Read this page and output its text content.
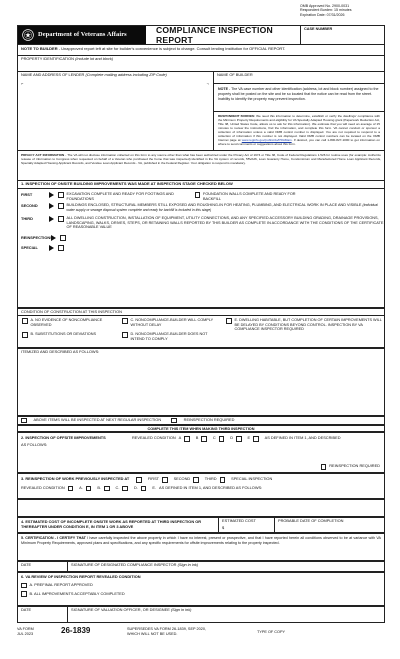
OMB Approved No. 2900-0031
Respondent Burden: 15 minutes
Expiration Date: 07/31/2026
Department of Veterans Affairs	COMPLIANCE INSPECTION REPORT
CASE NUMBER
NOTE TO BUILDER - Unapproved report left at site for builder's convenience is subject to change. Consult lending institution for OFFICIAL REPORT.
PROPERTY IDENTIFICATION (Include lot and block)
NAME AND ADDRESS OF LENDER (Complete mailing address including ZIP Code)
⌐	¬
NAME OF BUILDER
NOTE - The VA case number and other identification (address, lot and block number) assigned to the property shall be posted on the site and be so located that the notice can be read from the street. Inability to identify the property may prevent inspection.
RESPONDENT BURDEN: We need this information to determine, establish or verify the dwellings' compliance with the Minimum Property Requirements and eligibility for VA Specially Adapted Housing grant (Paperwork Reduction Act, Title 38, United States Code, allows us to ask for this information). We estimate that you will need an average of 15 minutes to review the instructions, find the information, and complete this form. VA cannot conduct or sponsor a collection of information unless a valid OMB control number is displayed. You are not required to respond to a collection of information if this number is not displayed. Valid OMB control numbers can be located on the OMB Internet page at www.reginfo.gov/public/do/PRAMain. If desired, you can call 1-800-827-1000 to get information on where to send comments or suggestions about this form.
PRIVACY ACT INFORMATION - The VA will not disclose information collected on this form to any source other than what has been authorized under the Privacy Act of 1974 or Title 38, Code of Federal Regulations 1.526 for routine uses (for example: Authorize release of information to Congress when requested on behalf of a Veteran who purchased the home that was inspected) identified in the VA system of records, 55VA26, Loan Guaranty Home, Condominium and Manufactured Home Loan Applicant Records, Specially Adapted Housing Applicant Records, and Vendee Loan Applicant Records - VA, published in the Federal Register. Your obligation to respond is mandatory.
1. INSPECTION OF ONSITE BUILDING IMPROVEMENTS WAS MADE AT INSPECTION STAGE CHECKED BELOW
FIRST	EXCAVATION COMPLETE AND READY FOR FOOTINGS AND FOUNDATIONS
FOUNDATION WALLS COMPLETE AND READY FOR BACKFILL
SECOND	BUILDINGS ENCLOSED, STRUCTURAL MEMBERS STILL EXPOSED AND ROUGHING-IN FOR HEATING, PLUMBING, AND ELECTRICAL WORK IN PLACE AND VISIBLE (Individual water supply or sewage disposal system complete and ready for backfill is included in this stage)
THIRD	ALL DWELLING CONSTRUCTION, INSTALLATION OF EQUIPMENT, UTILITY CONNECTIONS, AND ANY SPECIFIED ACCESSORY BUILDING GRADING, DRAINAGE PROVISIONS, LANDSCAPING, WALKS, DRIVES, STEPS, OR RETAINING WALLS REPORTED BY THIS BUILDER AS COMPLETE IN ACCORDANCE WITH THE CONDITIONS OF THE CERTIFICATE OF REASONABLE VALUE
REINSPECTIONS
SPECIAL
CONDITION OF CONSTRUCTION AT THIS INSPECTION
A. NO EVIDENCE OF NONCOMPLIANCE OBSERVED
B. SUBSTITUTIONS OR DEVIATIONS
C. NONCOMPLIANCE-BUILDER WILL COMPLY WITHOUT DELAY
D. NONCOMPLIANCE-BUILDER DOES NOT INTEND TO COMPLY
E. DWELLING HABITABLE, BUT COMPLETION OF CERTAIN IMPROVEMENTS WILL BE DELAYED BY CONDITIONS BEYOND CONTROL. INSPECTION BY VA COMPLIANCE INSPECTOR REQUIRED
ITEMIZED AND DESCRIBED AS FOLLOWS:
ABOVE ITEMS WILL BE INSPECTED AT NEXT REGULAR INSPECTION	REINSPECTION REQUIRED
COMPLETE THIS ITEM WHEN MAKING THIRD INSPECTION
2. INSPECTION OF OFFSITE IMPROVEMENTS	REVEALED CONDITION A	B	C	D	E	AS DEFINED IN ITEM 1, AND DESCRIBED
AS FOLLOWS:
REINSPECTION REQUIRED
3. REINSPECTION OF WORK PREVIOUSLY INSPECTED AT	FIRST	SECOND	THIRD	SPECIAL INSPECTION
REVEALED CONDITION	A.	B.	C.	D.	E. AS DEFINED IN ITEM 1, AND DESCRIBED AS FOLLOWS:
4. ESTIMATED COST OF INCOMPLETE ONSITE WORK AS REPORTED AT THIRD INSPECTION OR THEREAFTER UNDER CONDITION E, IN ITEM 1 OR 3 ABOVE
ESTIMATED COST
$
PROBABLE DATE OF COMPLETION
5. CERTIFICATION - I CERTIFY THAT I have carefully inspected the above property in which I have no interest, present or prospective, and that I have reported herein all conditions observed to be at variance with VA Minimum Property Requirements, approved plans and specifications, and any specific requirements for offsite improvements relating to the property inspected.
DATE	SIGNATURE OF DESIGNATED COMPLIANCE INSPECTOR (Sign in ink)
6. VA REVIEW OF INSPECTION REPORT REVEALED CONDITION
A. PREFINAL REPORT APPROVED
B. ALL IMPROVEMENTS ACCEPTABLY COMPLETED
DATE	SIGNATURE OF VALUATION OFFICER, OR DESIGNEE (Sign in ink)
VA FORM
JUL 2023	26-1839	SUPERSEDES VA FORM 26-1839, SEP 2020,
WHICH WILL NOT BE USED.	TYPE OF COPY
